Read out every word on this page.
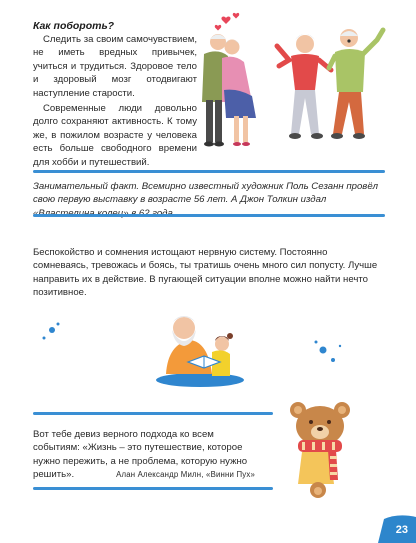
Как побороть?

Следить за своим самочувствием, не иметь вредных привычек, учиться и трудиться. Здоровое тело и здоровый мозг отодвигают наступление старости.

Современные люди довольно долго сохраняют активность. К тому же, в пожилом возрасте у человека есть больше свободного времени для хобби и путешествий.

Занимательный факт. Всемирно известный художник Поль Сезанн провёл свою первую выставку в возрасте 56 лет. А Джон Толкин издал
Беспокойство и сомнения истощают нервную систему. Постоянно сомневаясь, тревожась и боясь, ты тратишь очень много сил попусту. Лучше направить их в действие. В пугающей ситуации вполне можно найти нечто позитивное.
Вот тебе девиз верного подхода ко всем событиям: «Жизнь – это путешествие, которое нужно пережить, а не проблема, которую нужно решить».	Алан Александр Милн, «Винни Пух»
23
